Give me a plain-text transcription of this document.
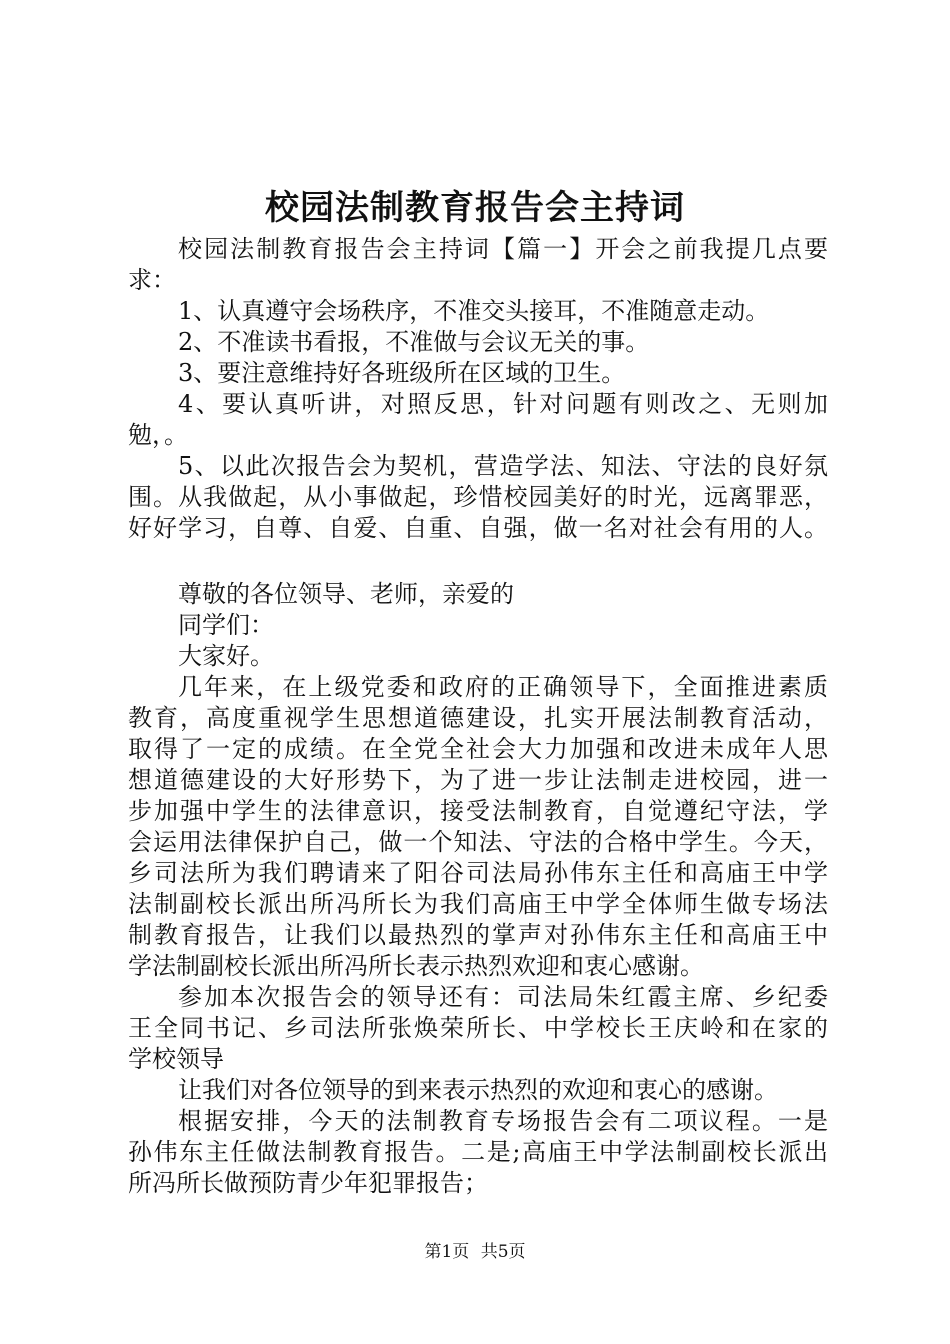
校园法制教育报告会主持词
校园法制教育报告会主持词【篇一】开会之前我提几点要
求：
1、认真遵守会场秩序，不准交头接耳，不准随意走动。
2、不准读书看报，不准做与会议无关的事。
3、要注意维持好各班级所在区域的卫生。
4、要认真听讲，对照反思，针对问题有则改之、无则加
勉，。
5、以此次报告会为契机，营造学法、知法、守法的良好氛
围。从我做起，从小事做起，珍惜校园美好的时光，远离罪恶，
好好学习，自尊、自爱、自重、自强，做一名对社会有用的人。
尊敬的各位领导、老师，亲爱的
同学们：
大家好。
几年来，在上级党委和政府的正确领导下，全面推进素质
教育，高度重视学生思想道德建设，扎实开展法制教育活动，
取得了一定的成绩。在全党全社会大力加强和改进未成年人思
想道德建设的大好形势下，为了进一步让法制走进校园，进一
步加强中学生的法律意识，接受法制教育，自觉遵纪守法，学
会运用法律保护自己，做一个知法、守法的合格中学生。今天，
乡司法所为我们聘请来了阳谷司法局孙伟东主任和高庙王中学
法制副校长派出所冯所长为我们高庙王中学全体师生做专场法
制教育报告，让我们以最热烈的掌声对孙伟东主任和高庙王中
学法制副校长派出所冯所长表示热烈欢迎和衷心感谢。
参加本次报告会的领导还有：司法局朱红霞主席、乡纪委
王全同书记、乡司法所张焕荣所长、中学校长王庆岭和在家的
学校领导
让我们对各位领导的到来表示热烈的欢迎和衷心的感谢。
根据安排，今天的法制教育专场报告会有二项议程。一是
孙伟东主任做法制教育报告。二是;高庙王中学法制副校长派出
所冯所长做预防青少年犯罪报告；
第1页 共5页
